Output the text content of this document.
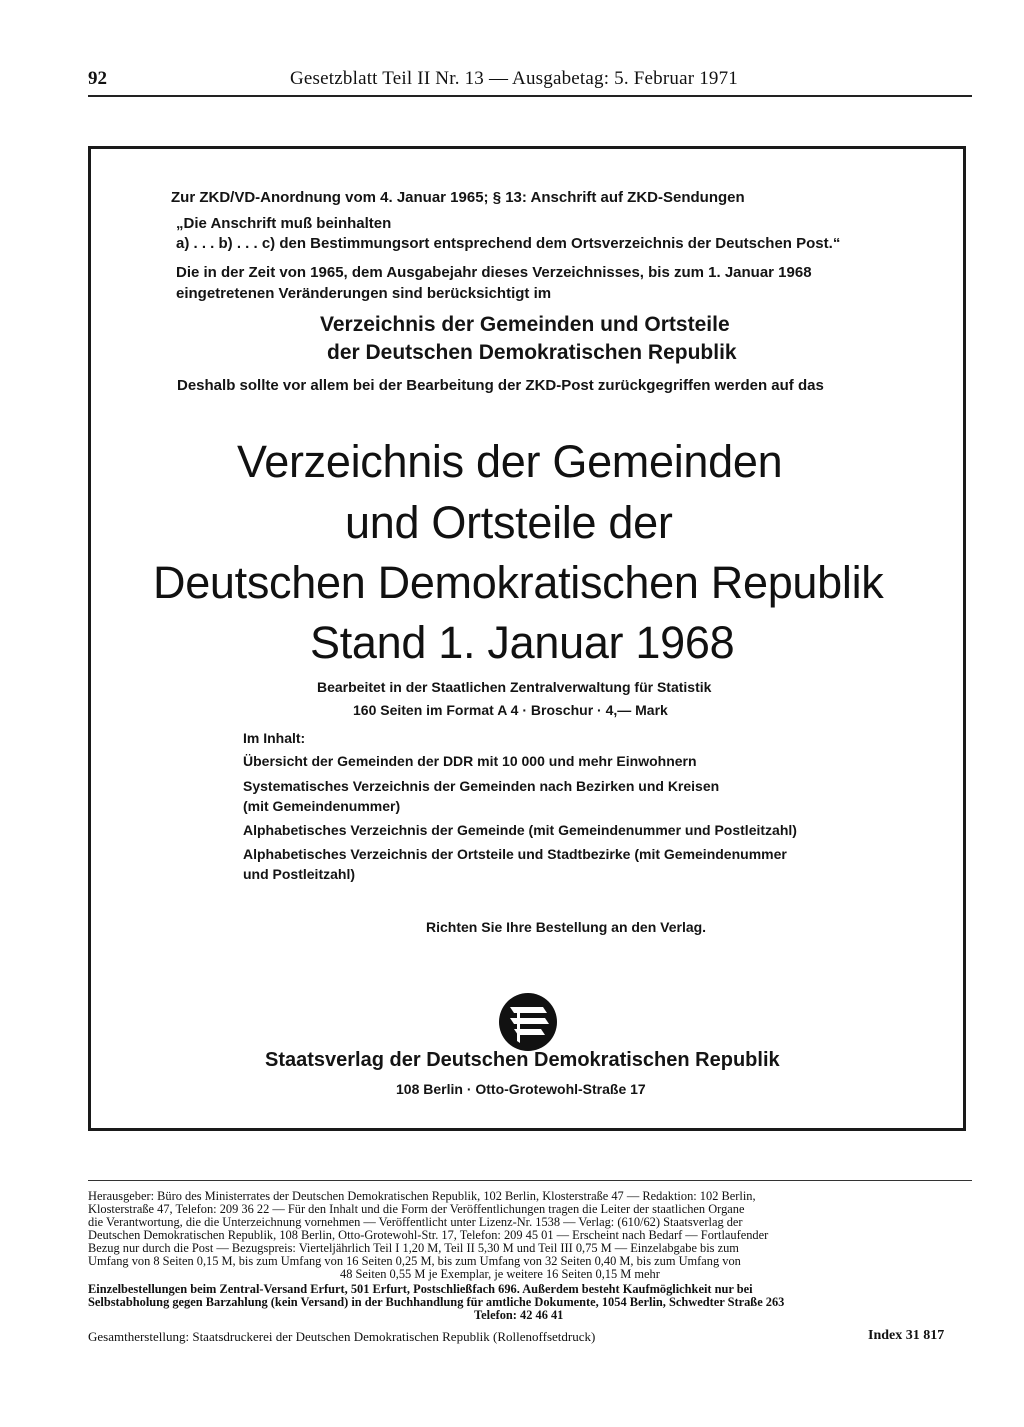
92	Gesetzblatt Teil II Nr. 13 — Ausgabetag: 5. Februar 1971
Zur ZKD/VD-Anordnung vom 4. Januar 1965; § 13: Anschrift auf ZKD-Sendungen
„Die Anschrift muß beinhalten
a) . . . b) . . . c) den Bestimmungsort entsprechend dem Ortsverzeichnis der Deutschen Post.“
Die in der Zeit von 1965, dem Ausgabejahr dieses Verzeichnisses, bis zum 1. Januar 1968
eingetretenen Veränderungen sind berücksichtigt im
Verzeichnis der Gemeinden und Ortsteile
der Deutschen Demokratischen Republik
Deshalb sollte vor allem bei der Bearbeitung der ZKD-Post zurückgegriffen werden auf das
Verzeichnis der Gemeinden
und Ortsteile der
Deutschen Demokratischen Republik
Stand 1. Januar 1968
Bearbeitet in der Staatlichen Zentralverwaltung für Statistik
160 Seiten im Format A 4 · Broschur · 4,— Mark
Im Inhalt:
Übersicht der Gemeinden der DDR mit 10 000 und mehr Einwohnern
Systematisches Verzeichnis der Gemeinden nach Bezirken und Kreisen
(mit Gemeindenummer)
Alphabetisches Verzeichnis der Gemeinde (mit Gemeindenummer und Postleitzahl)
Alphabetisches Verzeichnis der Ortsteile und Stadtbezirke (mit Gemeindenummer
und Postleitzahl)
Richten Sie Ihre Bestellung an den Verlag.
Staatsverlag der Deutschen Demokratischen Republik
108 Berlin · Otto-Grotewohl-Straße 17
Herausgeber: Büro des Ministerrates der Deutschen Demokratischen Republik, 102 Berlin, Klosterstraße 47 — Redaktion: 102 Berlin,
Klosterstraße 47, Telefon: 209 36 22 — Für den Inhalt und die Form der Veröffentlichungen tragen die Leiter der staatlichen Organe
die Verantwortung, die die Unterzeichnung vornehmen — Veröffentlicht unter Lizenz-Nr. 1538 — Verlag: (610/62) Staatsverlag der
Deutschen Demokratischen Republik, 108 Berlin, Otto-Grotewohl-Str. 17, Telefon: 209 45 01 — Erscheint nach Bedarf — Fortlaufender
Bezug nur durch die Post — Bezugspreis: Vierteljährlich Teil I 1,20 M, Teil II 5,30 M und Teil III 0,75 M — Einzelabgabe bis zum
Umfang von 8 Seiten 0,15 M, bis zum Umfang von 16 Seiten 0,25 M, bis zum Umfang von 32 Seiten 0,40 M, bis zum Umfang von
48 Seiten 0,55 M je Exemplar, je weitere 16 Seiten 0,15 M mehr
Einzelbestellungen beim Zentral-Versand Erfurt, 501 Erfurt, Postschließfach 696. Außerdem besteht Kaufmöglichkeit nur bei
Selbstabholung gegen Barzahlung (kein Versand) in der Buchhandlung für amtliche Dokumente, 1054 Berlin, Schwedter Straße 263
Telefon: 42 46 41
Gesamtherstellung: Staatsdruckerei der Deutschen Demokratischen Republik (Rollenoffsetdruck)	Index 31 817
